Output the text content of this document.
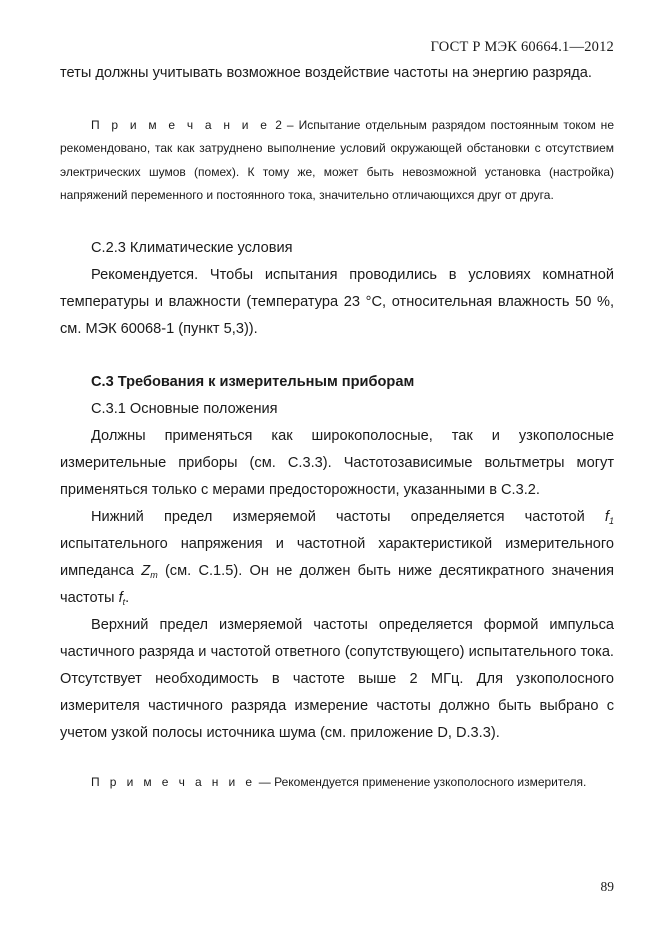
ГОСТ Р МЭК 60664.1—2012

теты должны учитывать возможное воздействие частоты на энергию разряда.

П р и м е ч а н и е 2 – Испытание отдельным разрядом постоянным током не рекомендовано, так как затруднено выполнение условий окружающей обстановки с отсутствием электрических шумов (помех). К тому же, может быть невозможной установка (настройка) напряжений переменного и постоянного тока, значительно отличающихся друг от друга.

С.2.3 Климатические условия

Рекомендуется. Чтобы испытания проводились в условиях комнатной температуры и влажности (температура 23 °С, относительная влажность 50 %, см. МЭК 60068-1 (пункт 5,3)).

С.3 Требования к измерительным приборам

С.3.1 Основные положения

Должны применяться как широкополосные, так и узкополосные измерительные приборы (см. С.3.3). Частотозависимые вольтметры могут применяться только с мерами предосторожности, указанными в С.3.2.

Нижний предел измеряемой частоты определяется частотой $f_1$ испытательного напряжения и частотной характеристикой измерительного импеданса $Z_m$ (см. С.1.5). Он не должен быть ниже десятикратного значения частоты $f_t$.

Верхний предел измеряемой частоты определяется формой импульса частичного разряда и частотой ответного (сопутствующего) испытательного тока. Отсутствует необходимость в частоте выше 2 МГц. Для узкополосного измерителя частичного разряда измерение частоты должно быть выбрано с учетом узкой полосы источника шума (см. приложение D, D.3.3).

П р и м е ч а н и е — Рекомендуется применение узкополосного измерителя.

89
